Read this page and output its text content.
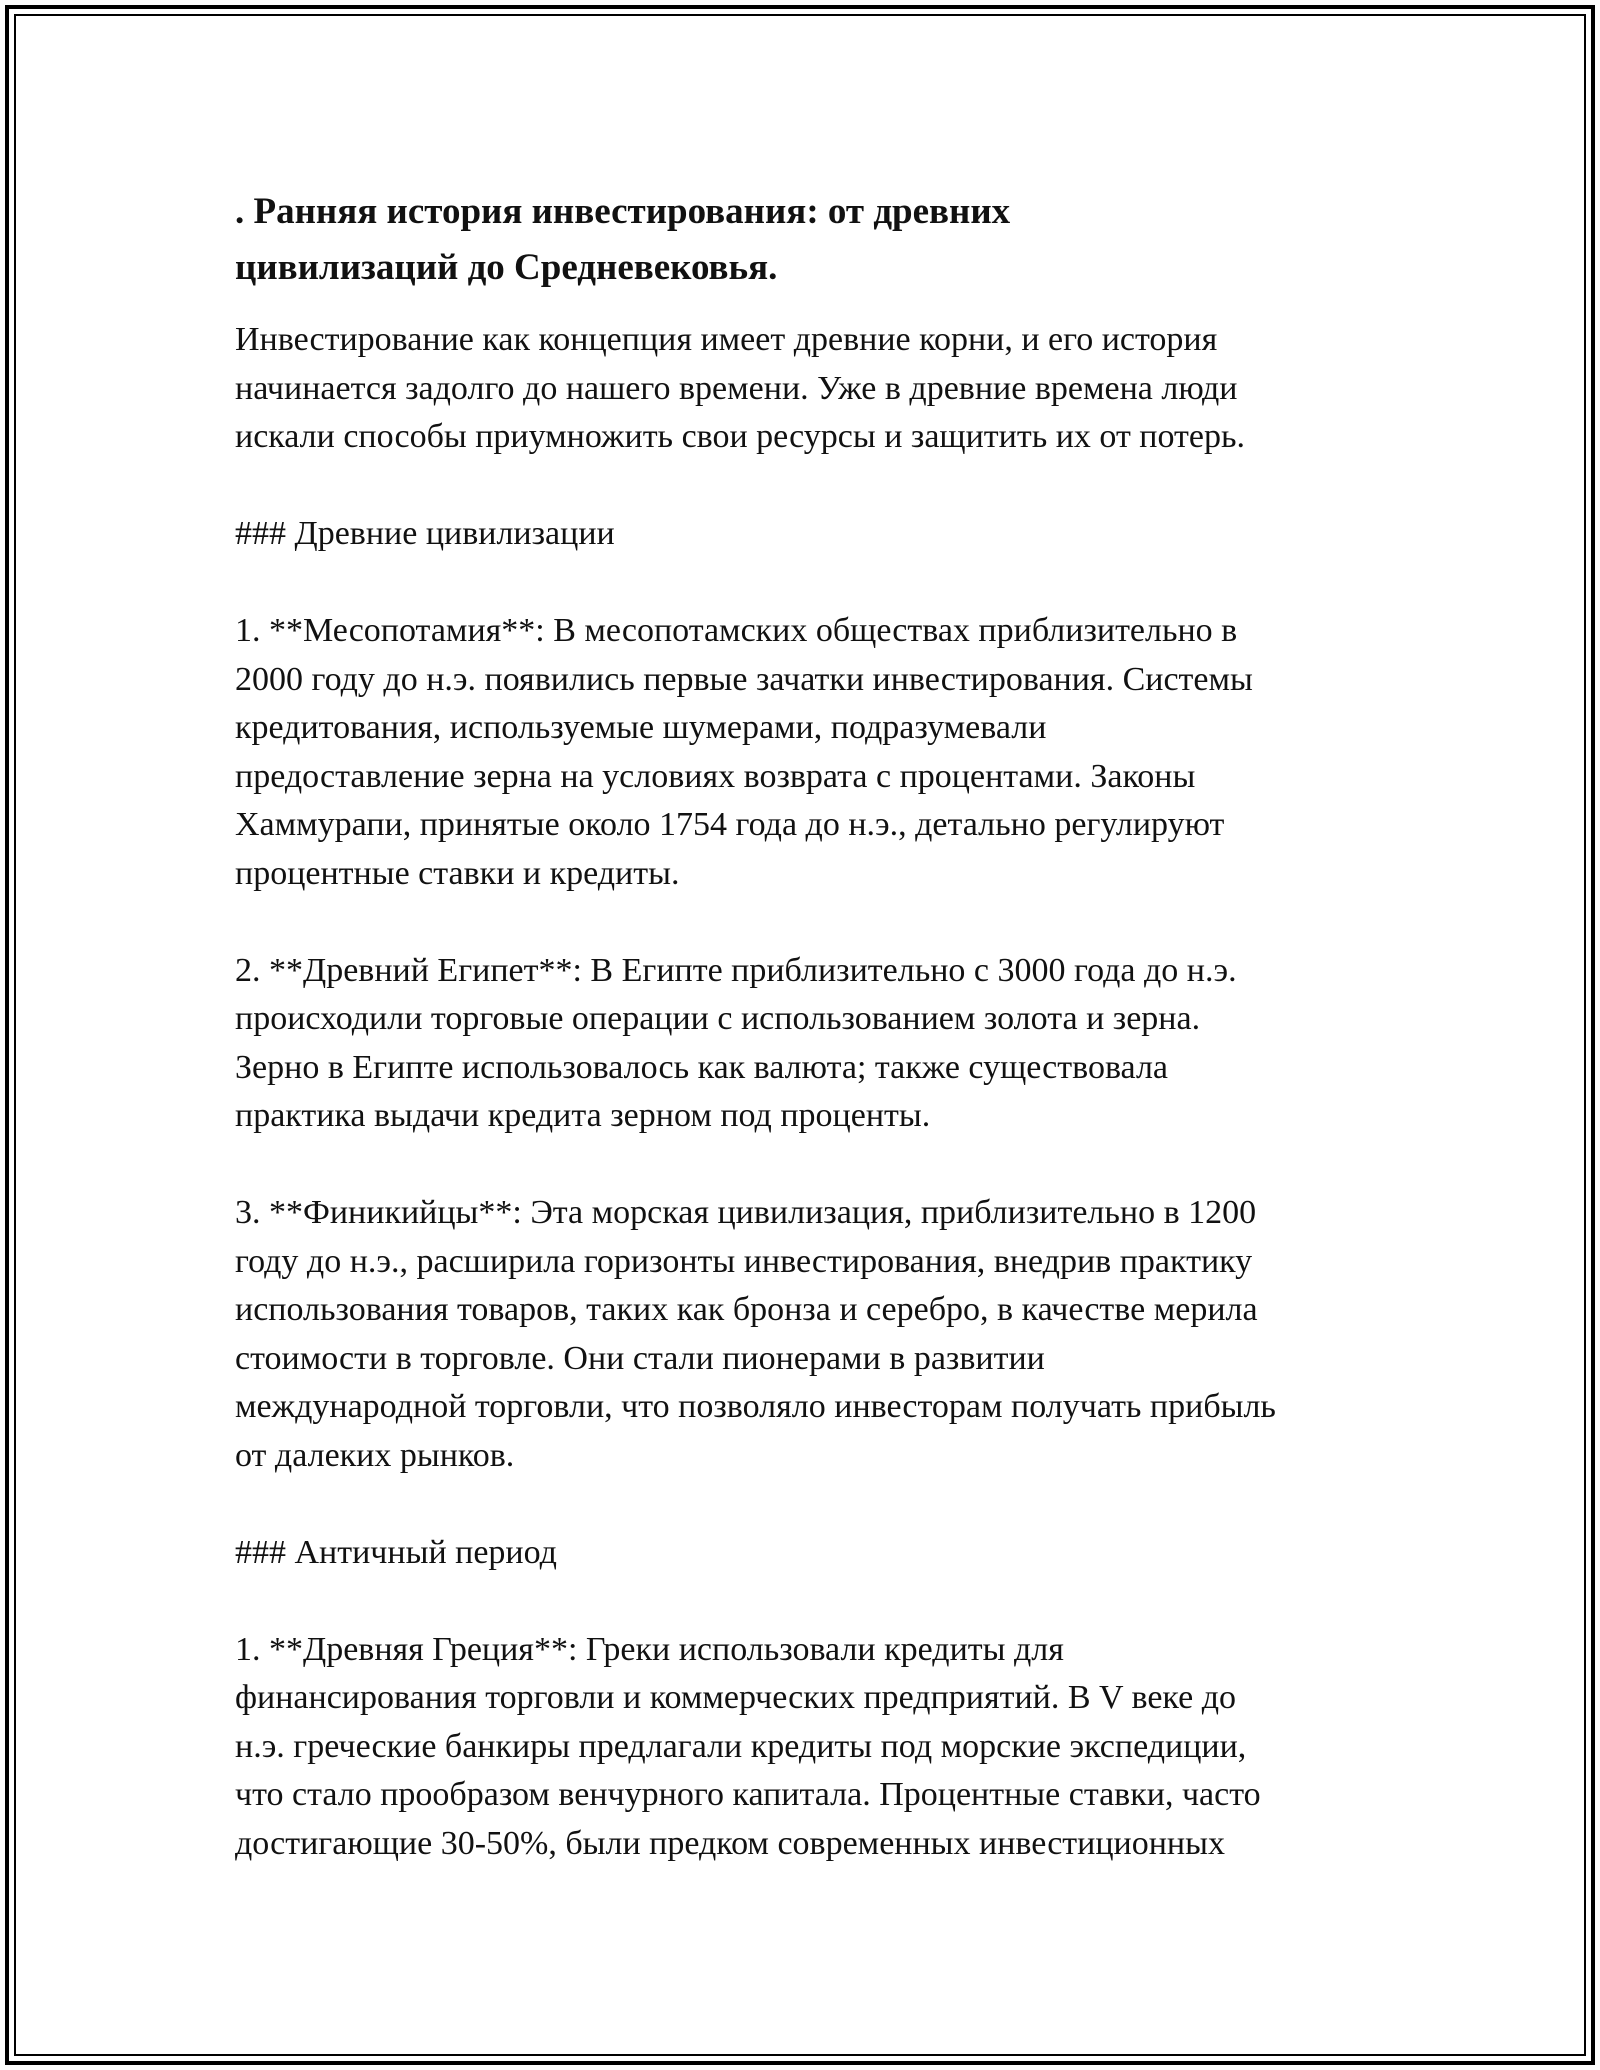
. Ранняя история инвестирования: от древних цивилизаций до Средневековья.

Инвестирование как концепция имеет древние корни, и его история
начинается задолго до нашего времени. Уже в древние времена люди
искали способы приумножить свои ресурсы и защитить их от потерь.

### Древние цивилизации

1. **Месопотамия**: В месопотамских обществах приблизительно в
2000 году до н.э. появились первые зачатки инвестирования. Системы
кредитования, используемые шумерами, подразумевали
предоставление зерна на условиях возврата с процентами. Законы
Хаммурапи, принятые около 1754 года до н.э., детально регулируют
процентные ставки и кредиты.

2. **Древний Египет**: В Египте приблизительно с 3000 года до н.э.
происходили торговые операции с использованием золота и зерна.
Зерно в Египте использовалось как валюта; также существовала
практика выдачи кредита зерном под проценты.

3. **Финикийцы**: Эта морская цивилизация, приблизительно в 1200
году до н.э., расширила горизонты инвестирования, внедрив практику
использования товаров, таких как бронза и серебро, в качестве мерила
стоимости в торговле. Они стали пионерами в развитии
международной торговли, что позволяло инвесторам получать прибыль
от далеких рынков.

### Античный период

1. **Древняя Греция**: Греки использовали кредиты для
финансирования торговли и коммерческих предприятий. В V веке до
н.э. греческие банкиры предлагали кредиты под морские экспедиции,
что стало прообразом венчурного капитала. Процентные ставки, часто
достигающие 30-50%, были предком современных инвестиционных
